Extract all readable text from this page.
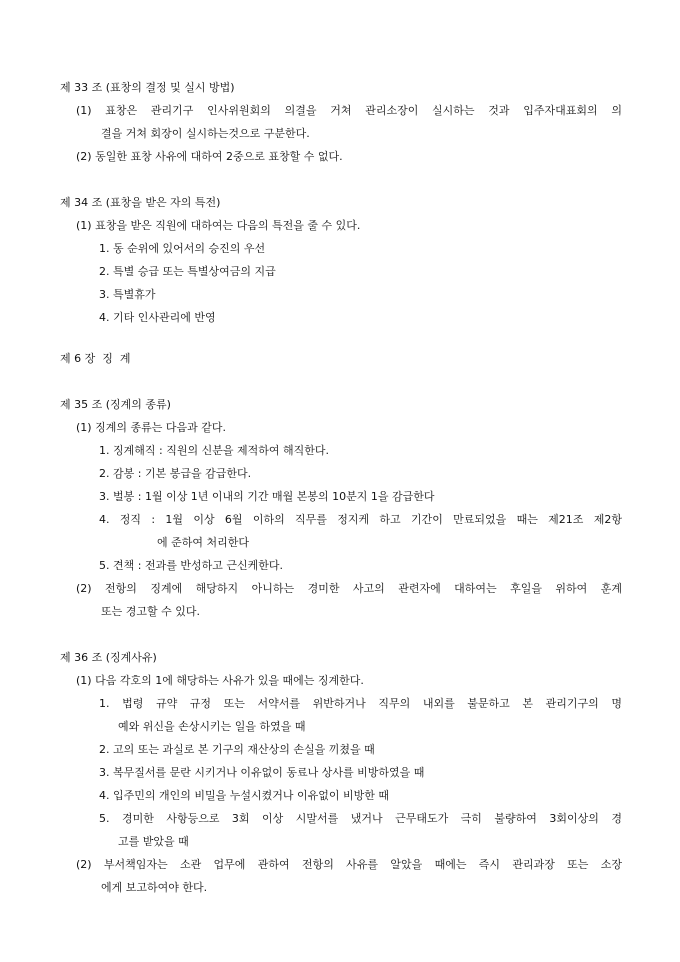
제 33 조 (표창의 결정 및 실시 방법)
(1) 표창은 관리기구 인사위원회의 의결을 거쳐 관리소장이 실시하는 것과 입주자대표회의 의
결을 거쳐 회장이 실시하는것으로 구분한다.
(2) 동일한 표창 사유에 대하여 2중으로 표창할 수 없다.
제 34 조 (표창을 받은 자의 특전)
(1) 표창을 받은 직원에 대하여는 다음의 특전을 줄 수 있다.
1. 동 순위에 있어서의 승진의 우선
2. 특별 승급 또는 특별상여금의 지급
3. 특별휴가
4. 기타 인사관리에 반영
제 6 장  징  계
제 35 조 (징계의 종류)
(1) 징계의 종류는 다음과 같다.
1. 징계해직 : 직원의 신분을 제적하여 해직한다.
2. 감봉 : 기본 봉급을 감급한다.
3. 벌봉 : 1월 이상 1년 이내의 기간 매월 본봉의 10분지 1을 감급한다
4. 정직 : 1월 이상 6월 이하의 직무를 정지케 하고 기간이 만료되었을 때는 제21조 제2항
에 준하여 처리한다
5. 견책 : 전과를 반성하고 근신케한다.
(2) 전항의 징계에 해당하지 아니하는 경미한 사고의 관련자에 대하여는 후일을 위하여 훈계
또는 경고할 수 있다.
제 36 조 (징계사유)
(1) 다음 각호의 1에 해당하는 사유가 있을 때에는 징계한다.
1. 법령 규약 규정 또는 서약서를 위반하거나 직무의 내외를 불문하고 본 관리기구의 명
예와 위신을 손상시키는 일을 하였을 때
2. 고의 또는 과실로 본 기구의 재산상의 손실을 끼쳤을 때
3. 복무질서를 문란 시키거나 이유없이 동료나 상사를 비방하였을 때
4. 입주민의 개인의 비밀을 누설시켰거나 이유없이 비방한 때
5. 경미한 사항등으로 3회 이상 시말서를 냈거나 근무태도가 극히 불량하여 3회이상의 경
고를 받았을 때
(2) 부서책임자는 소관 업무에 관하여 전항의 사유를 알았을 때에는 즉시 관리과장 또는 소장
에게 보고하여야 한다.
